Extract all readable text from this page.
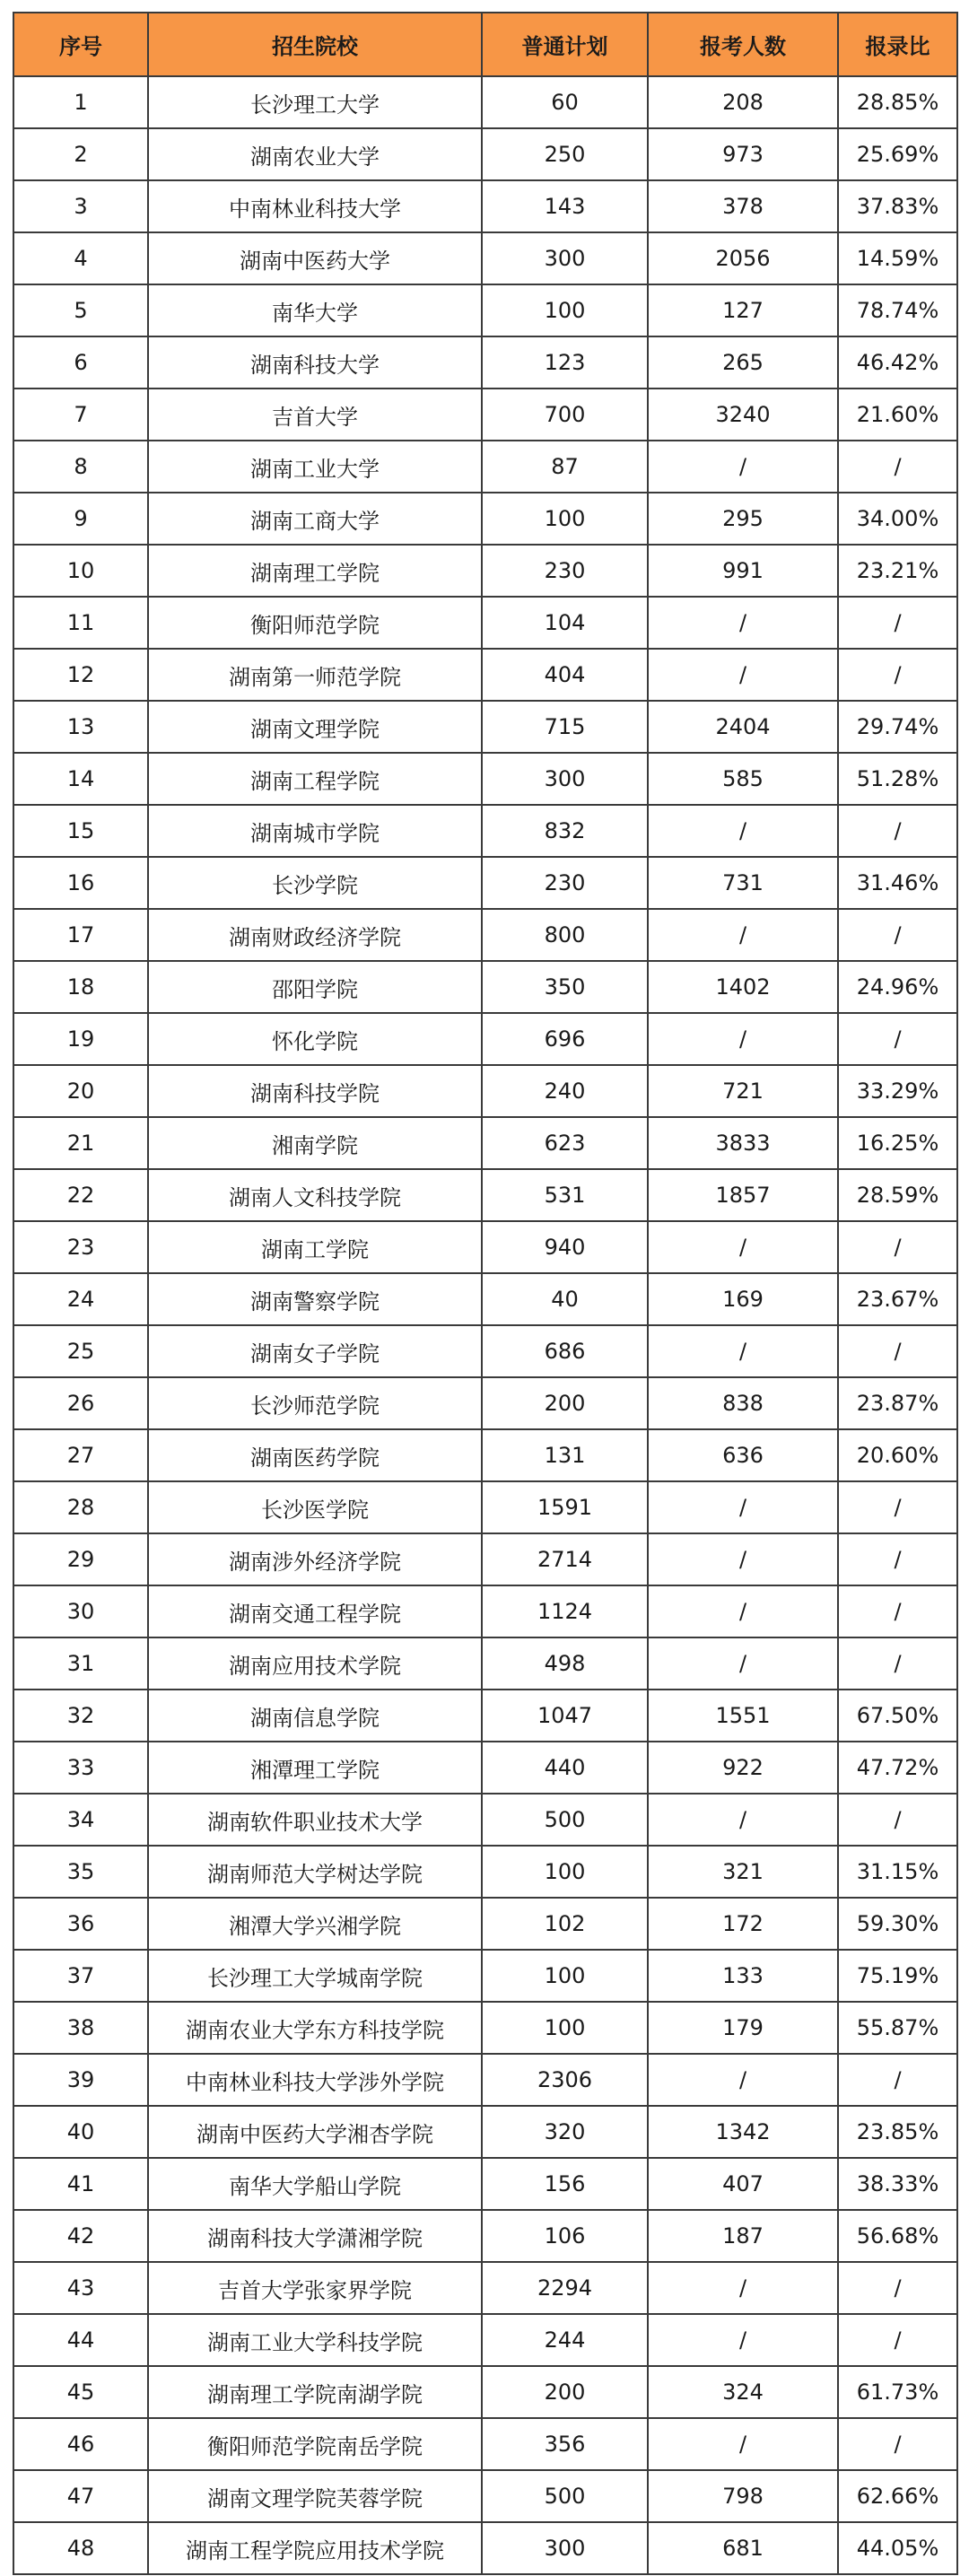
序号	招生院校	普通计划	报考人数	报录比
1	长沙理工大学	60	208	28.85%
2	湖南农业大学	250	973	25.69%
3	中南林业科技大学	143	378	37.83%
4	湖南中医药大学	300	2056	14.59%
5	南华大学	100	127	78.74%
6	湖南科技大学	123	265	46.42%
7	吉首大学	700	3240	21.60%
8	湖南工业大学	87	/	/
9	湖南工商大学	100	295	34.00%
10	湖南理工学院	230	991	23.21%
11	衡阳师范学院	104	/	/
12	湖南第一师范学院	404	/	/
13	湖南文理学院	715	2404	29.74%
14	湖南工程学院	300	585	51.28%
15	湖南城市学院	832	/	/
16	长沙学院	230	731	31.46%
17	湖南财政经济学院	800	/	/
18	邵阳学院	350	1402	24.96%
19	怀化学院	696	/	/
20	湖南科技学院	240	721	33.29%
21	湘南学院	623	3833	16.25%
22	湖南人文科技学院	531	1857	28.59%
23	湖南工学院	940	/	/
24	湖南警察学院	40	169	23.67%
25	湖南女子学院	686	/	/
26	长沙师范学院	200	838	23.87%
27	湖南医药学院	131	636	20.60%
28	长沙医学院	1591	/	/
29	湖南涉外经济学院	2714	/	/
30	湖南交通工程学院	1124	/	/
31	湖南应用技术学院	498	/	/
32	湖南信息学院	1047	1551	67.50%
33	湘潭理工学院	440	922	47.72%
34	湖南软件职业技术大学	500	/	/
35	湖南师范大学树达学院	100	321	31.15%
36	湘潭大学兴湘学院	102	172	59.30%
37	长沙理工大学城南学院	100	133	75.19%
38	湖南农业大学东方科技学院	100	179	55.87%
39	中南林业科技大学涉外学院	2306	/	/
40	湖南中医药大学湘杏学院	320	1342	23.85%
41	南华大学船山学院	156	407	38.33%
42	湖南科技大学潇湘学院	106	187	56.68%
43	吉首大学张家界学院	2294	/	/
44	湖南工业大学科技学院	244	/	/
45	湖南理工学院南湖学院	200	324	61.73%
46	衡阳师范学院南岳学院	356	/	/
47	湖南文理学院芙蓉学院	500	798	62.66%
48	湖南工程学院应用技术学院	300	681	44.05%
